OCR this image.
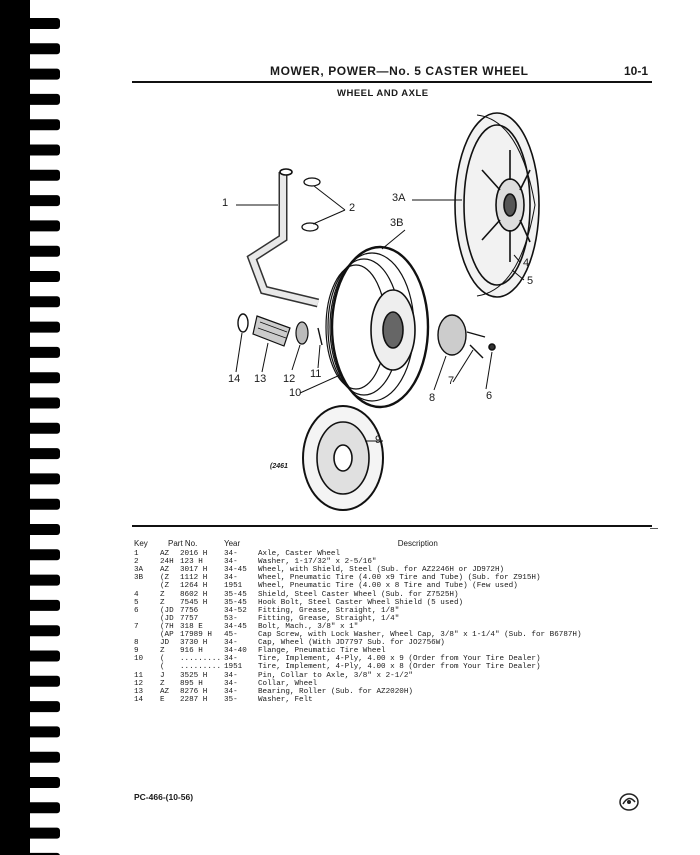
MOWER, POWER—No. 5 CASTER WHEEL	10-1
WHEEL AND AXLE
1	2
3A
3B
4
5
6
7
8
9
10
11
12
13
14
(2461
Key	Part No.		Year	Description
1	AZ	2016 H	34-	Axle, Caster Wheel
2	24H	123 H	34-	Washer, 1-17/32" x 2-5/16"
3A	AZ	3017 H	34-45	Wheel, with Shield, Steel (Sub. for AZ2246H or JD972H)
3B	(Z	1112 H	34-	Wheel, Pneumatic Tire (4.00 x9 Tire and Tube) (Sub. for Z915H)
	(Z	1264 H	1951	Wheel, Pneumatic Tire (4.00 x 8 Tire and Tube) (Few used)
4	Z	8602 H	35-45	Shield, Steel Caster Wheel (Sub. for Z7525H)
5	Z	7545 H	35-45	Hook Bolt, Steel Caster Wheel Shield (5 used)
6	(JD	7756	34-52	Fitting, Grease, Straight, 1/8"
	(JD	7757	53-	Fitting, Grease, Straight, 1/4"
7	(7H	318 E	34-45	Bolt, Mach., 3/8" x 1"
	(AP	17989 H	45-	Cap Screw, with Lock Washer, Wheel Cap, 3/8" x 1-1/4" (Sub. for B6787H)
8	JD	3730 H	34-	Cap, Wheel (With JD7797 Sub. for JO2756W)
9	Z	916 H	34-40	Flange, Pneumatic Tire Wheel
10	(	.........	34-	Tire, Implement, 4-Ply, 4.00 x 9 (Order from Your Tire Dealer)
	(	.........	1951	Tire, Implement, 4-Ply, 4.00 x 8 (Order from Your Tire Dealer)
11	J	3525 H	34-	Pin, Collar to Axle, 3/8" x 2-1/2"
12	Z	895 H	34-	Collar, Wheel
13	AZ	8276 H	34-	Bearing, Roller (Sub. for AZ2020H)
14	E	2287 H	35-	Washer, Felt
PC-466-(10-56)
